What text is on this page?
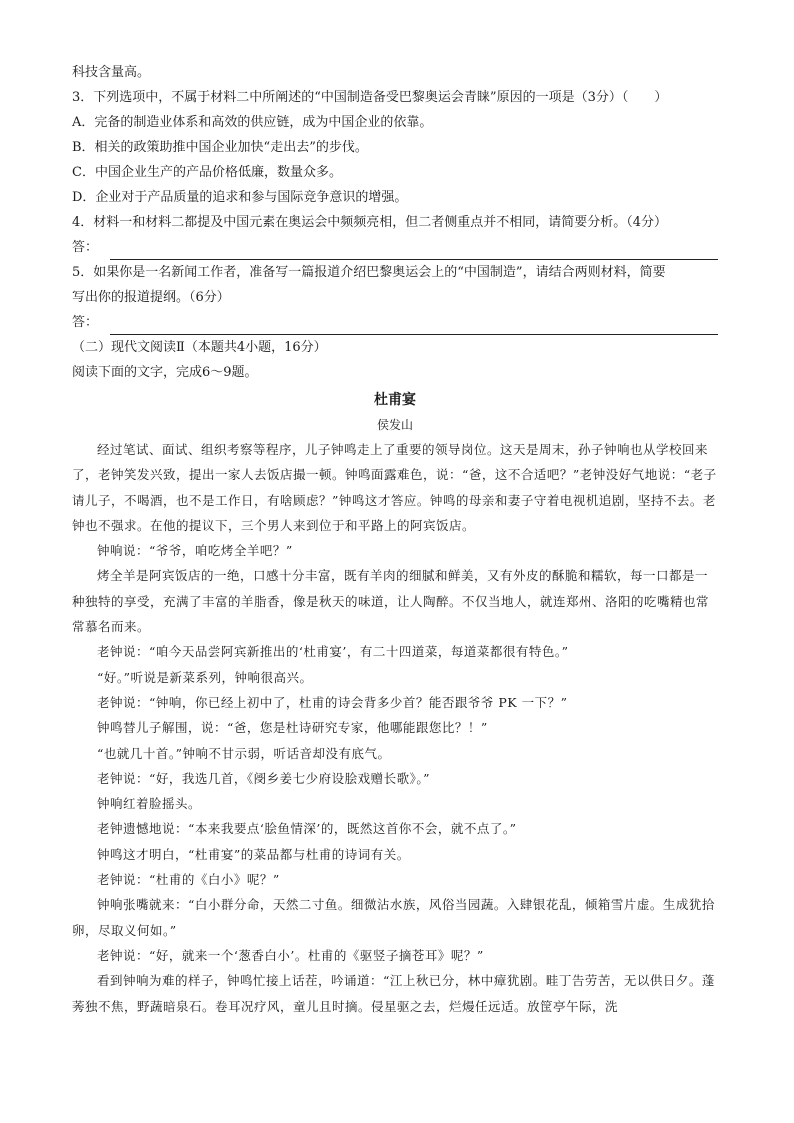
科技含量高。

3．下列选项中，不属于材料二中所阐述的“中国制造备受巴黎奥运会青睐”原因的一项是（3分）（　　）

A．完备的制造业体系和高效的供应链，成为中国企业的依靠。

B．相关的政策助推中国企业加快“走出去”的步伐。

C．中国企业生产的产品价格低廉，数量众多。

D．企业对于产品质量的追求和参与国际竞争意识的增强。

4．材料一和材料二都提及中国元素在奥运会中频频亮相，但二者侧重点并不相同，请简要分析。（4分）

答：

5．如果你是一名新闻工作者，准备写一篇报道介绍巴黎奥运会上的“中国制造”，请结合两则材料，简要

写出你的报道提纲。（6分）

答：

（二）现代文阅读Ⅱ（本题共4小题，16分）

阅读下面的文字，完成6～9题。

杜甫宴
侯发山

经过笔试、面试、组织考察等程序，儿子钟鸣走上了重要的领导岗位。这天是周末，孙子钟响也从学校回来了，老钟笑发兴致，提出一家人去饭店撮一顿。钟鸣面露难色，说：“爸，这不合适吧？”老钟没好气地说：“老子请儿子，不喝酒，也不是工作日，有啥顾虑？”钟鸣这才答应。钟鸣的母亲和妻子守着电视机追剧，坚持不去。老钟也不强求。在他的提议下，三个男人来到位于和平路上的阿宾饭店。

钟响说：“爷爷，咱吃烤全羊吧？”

烤全羊是阿宾饭店的一绝，口感十分丰富，既有羊肉的细腻和鲜美，又有外皮的酥脆和糯软，每一口都是一种独特的享受，充满了丰富的羊脂香，像是秋天的味道，让人陶醉。不仅当地人，就连郑州、洛阳的吃嘴精也常常慕名而来。

老钟说：“咱今天品尝阿宾新推出的‘杜甫宴’，有二十四道菜，每道菜都很有特色。”

“好。”听说是新菜系列，钟响很高兴。

老钟说：“钟响，你已经上初中了，杜甫的诗会背多少首？能否跟爷爷 PK 一下？”

钟鸣替儿子解围，说：“爸，您是杜诗研究专家，他哪能跟您比？！”

“也就几十首。”钟响不甘示弱，听话音却没有底气。

老钟说：“好，我选几首，《阌乡姜七少府设脍戏赠长歌》。”

钟响红着脸摇头。

老钟遗憾地说：“本来我要点‘脍鱼情深’的，既然这首你不会，就不点了。”

钟鸣这才明白，“杜甫宴”的菜品都与杜甫的诗词有关。

老钟说：“杜甫的《白小》呢？”

钟响张嘴就来：“白小群分命，天然二寸鱼。细微沾水族，风俗当园蔬。入肆银花乱，倾箱雪片虚。生成犹拾卵，尽取义何如。”

老钟说：“好，就来一个‘葱香白小’。杜甫的《驱竖子摘苍耳》呢？”

看到钟响为难的样子，钟鸣忙接上话茬，吟诵道：“江上秋已分，林中瘴犹剧。畦丁告劳苦，无以供日夕。蓬莠独不焦，野蔬暗泉石。卷耳况疗风，童儿且时摘。侵星驱之去，烂熳任远适。放筐亭午际，洗
